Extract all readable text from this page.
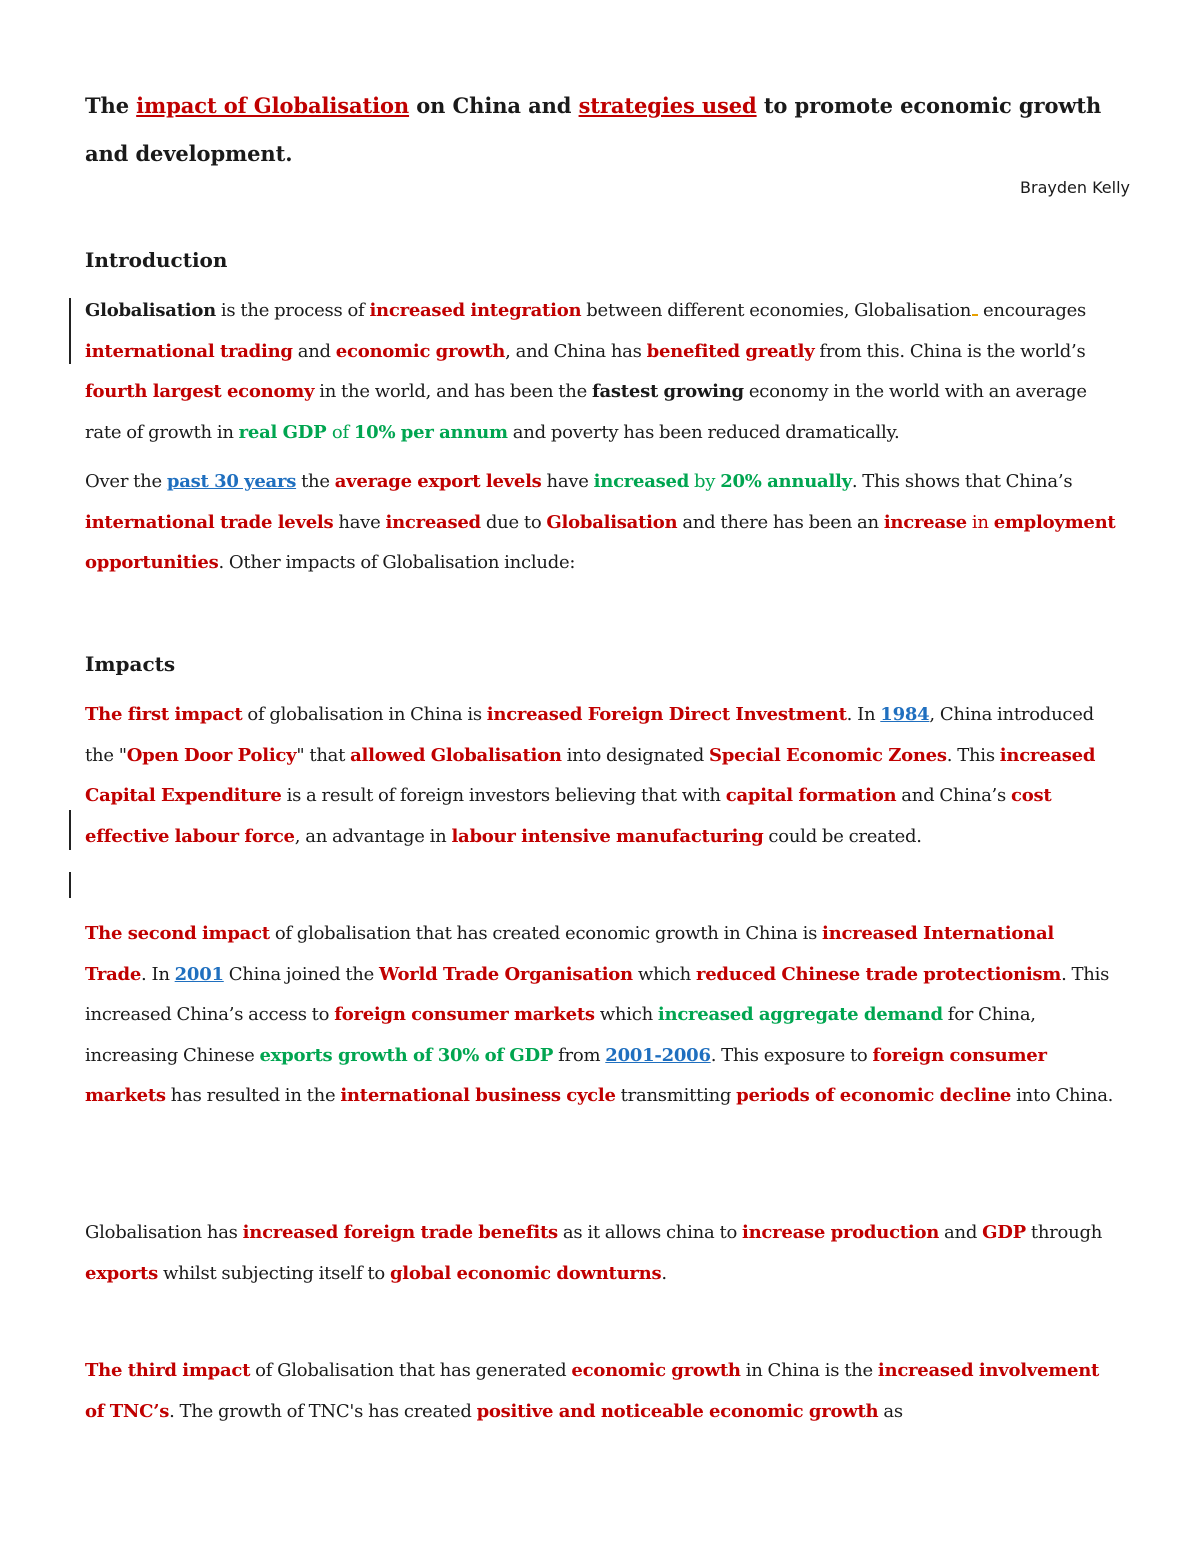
The impact of Globalisation on China and strategies used to promote economic growth and development.

Brayden Kelly

Introduction

Globalisation is the process of increased integration between different economies, Globalisation encourages international trading and economic growth, and China has benefited greatly from this. China is the world’s fourth largest economy in the world, and has been the fastest growing economy in the world with an average rate of growth in real GDP of 10% per annum and poverty has been reduced dramatically.

Over the past 30 years the average export levels have increased by 20% annually. This shows that China’s international trade levels have increased due to Globalisation and there has been an increase in employment opportunities. Other impacts of Globalisation include:

Impacts

The first impact of globalisation in China is increased Foreign Direct Investment. In 1984, China introduced the "Open Door Policy" that allowed Globalisation into designated Special Economic Zones. This increased Capital Expenditure is a result of foreign investors believing that with capital formation and China’s cost effective labour force, an advantage in labour intensive manufacturing could be created.

The second impact of globalisation that has created economic growth in China is increased International Trade. In 2001 China joined the World Trade Organisation which reduced Chinese trade protectionism. This increased China’s access to foreign consumer markets which increased aggregate demand for China, increasing Chinese exports growth of 30% of GDP from 2001-2006. This exposure to foreign consumer markets has resulted in the international business cycle transmitting periods of economic decline into China.

Globalisation has increased foreign trade benefits as it allows china to increase production and GDP through exports whilst subjecting itself to global economic downturns.

The third impact of Globalisation that has generated economic growth in China is the increased involvement of TNC’s. The growth of TNC's has created positive and noticeable economic growth as
